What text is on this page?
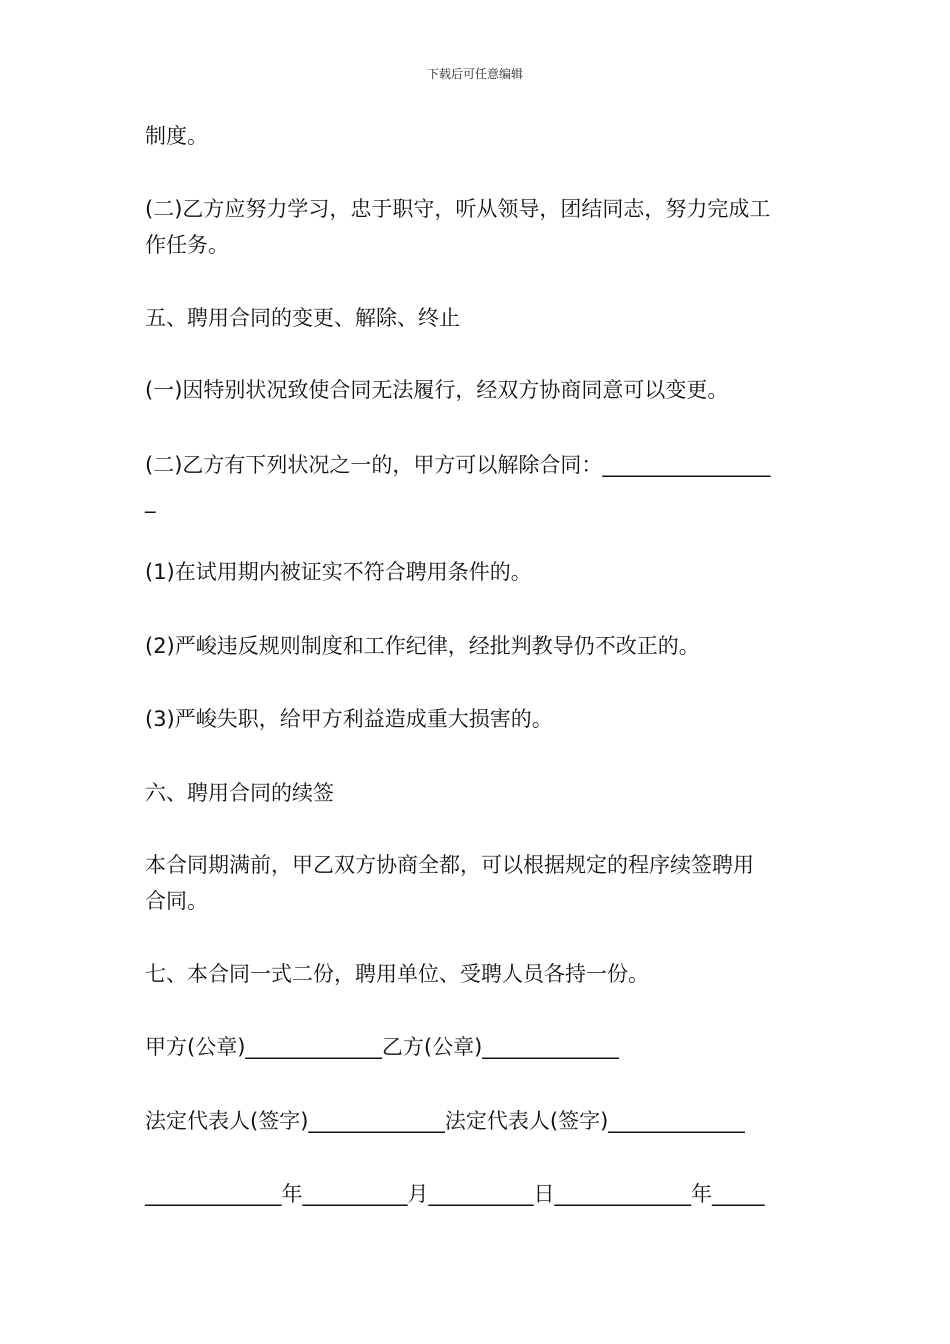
下载后可任意编辑
制度。
(二)乙方应努力学习，忠于职守，听从领导，团结同志，努力完成工
作任务。
五、聘用合同的变更、解除、终止
(一)因特别状况致使合同无法履行，经双方协商同意可以变更。
(二)乙方有下列状况之一的，甲方可以解除合同：________________
_
(1)在试用期内被证实不符合聘用条件的。
(2)严峻违反规则制度和工作纪律，经批判教导仍不改正的。
(3)严峻失职，给甲方利益造成重大损害的。
六、聘用合同的续签
本合同期满前，甲乙双方协商全都，可以根据规定的程序续签聘用
合同。
七、本合同一式二份，聘用单位、受聘人员各持一份。
甲方(公章)_____________乙方(公章)_____________
法定代表人(签字)_____________法定代表人(签字)_____________
_____________年__________月__________日_____________年_____
